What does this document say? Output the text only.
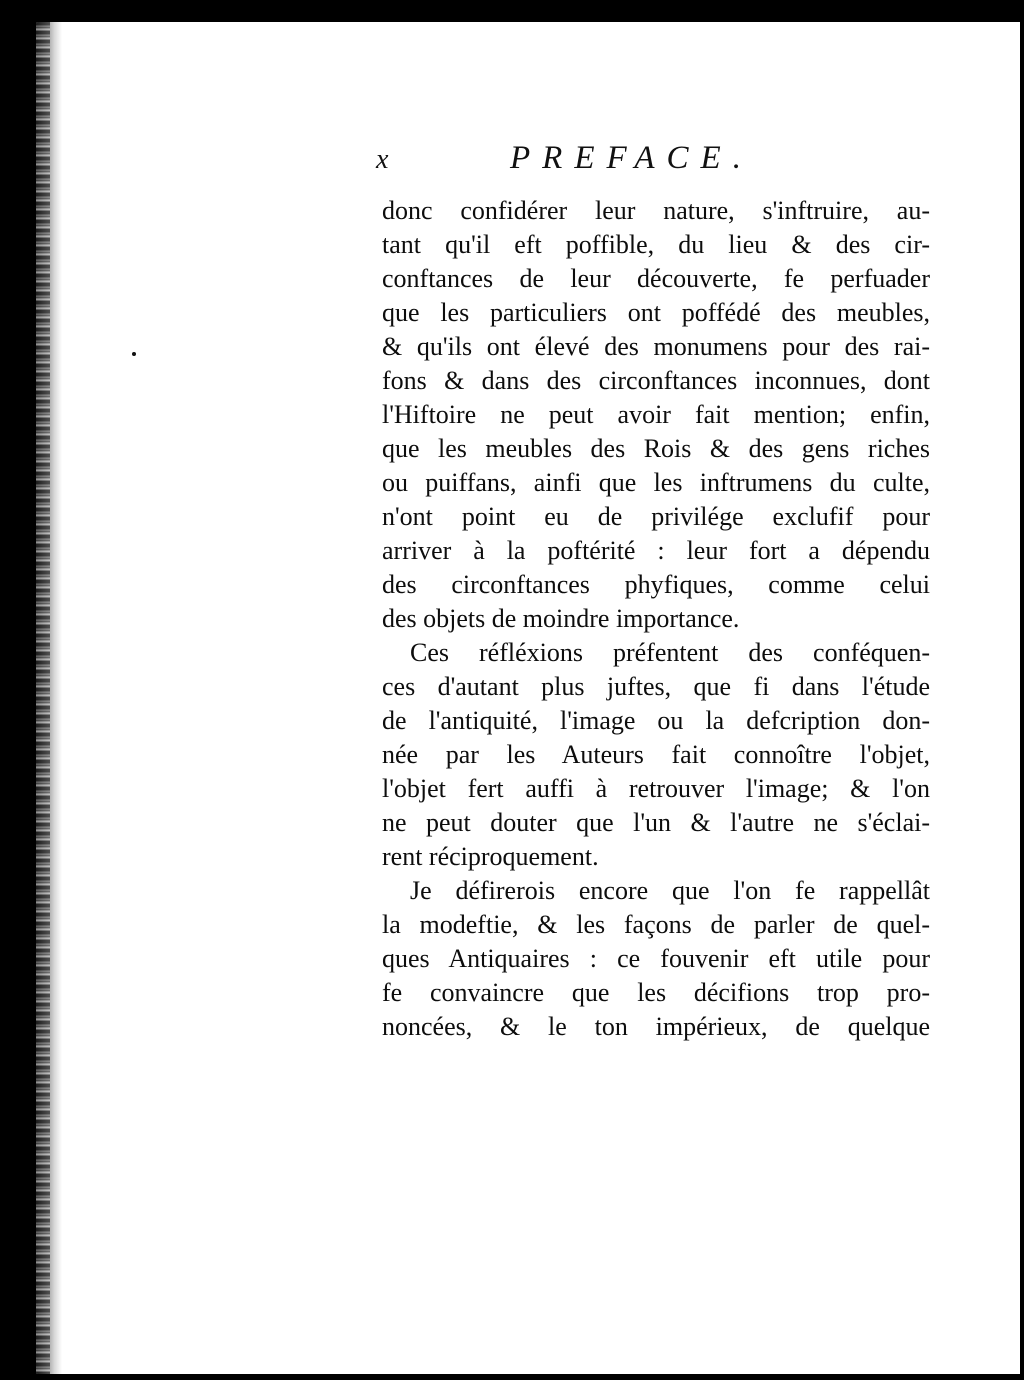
x	PREFACE.
donc confidérer leur nature, s'inftruire, au-
tant qu'il eft poffible, du lieu & des cir-
conftances de leur découverte, fe perfuader
que les particuliers ont poffédé des meubles,
& qu'ils ont élevé des monumens pour des rai-
fons & dans des circonftances inconnues, dont
l'Hiftoire ne peut avoir fait mention; enfin,
que les meubles des Rois & des gens riches
ou puiffans, ainfi que les inftrumens du culte,
n'ont point eu de privilége exclufif pour
arriver à la poftérité : leur fort a dépendu
des circonftances phyfiques, comme celui
des objets de moindre importance.
Ces réfléxions préfentent des conféquen-
ces d'autant plus juftes, que fi dans l'étude
de l'antiquité, l'image ou la defcription don-
née par les Auteurs fait connoître l'objet,
l'objet fert auffi à retrouver l'image; & l'on
ne peut douter que l'un & l'autre ne s'éclai-
rent réciproquement.
Je défirerois encore que l'on fe rappellât
la modeftie, & les façons de parler de quel-
ques Antiquaires : ce fouvenir eft utile pour
fe convaincre que les décifions trop pro-
noncées, & le ton impérieux, de quelque
